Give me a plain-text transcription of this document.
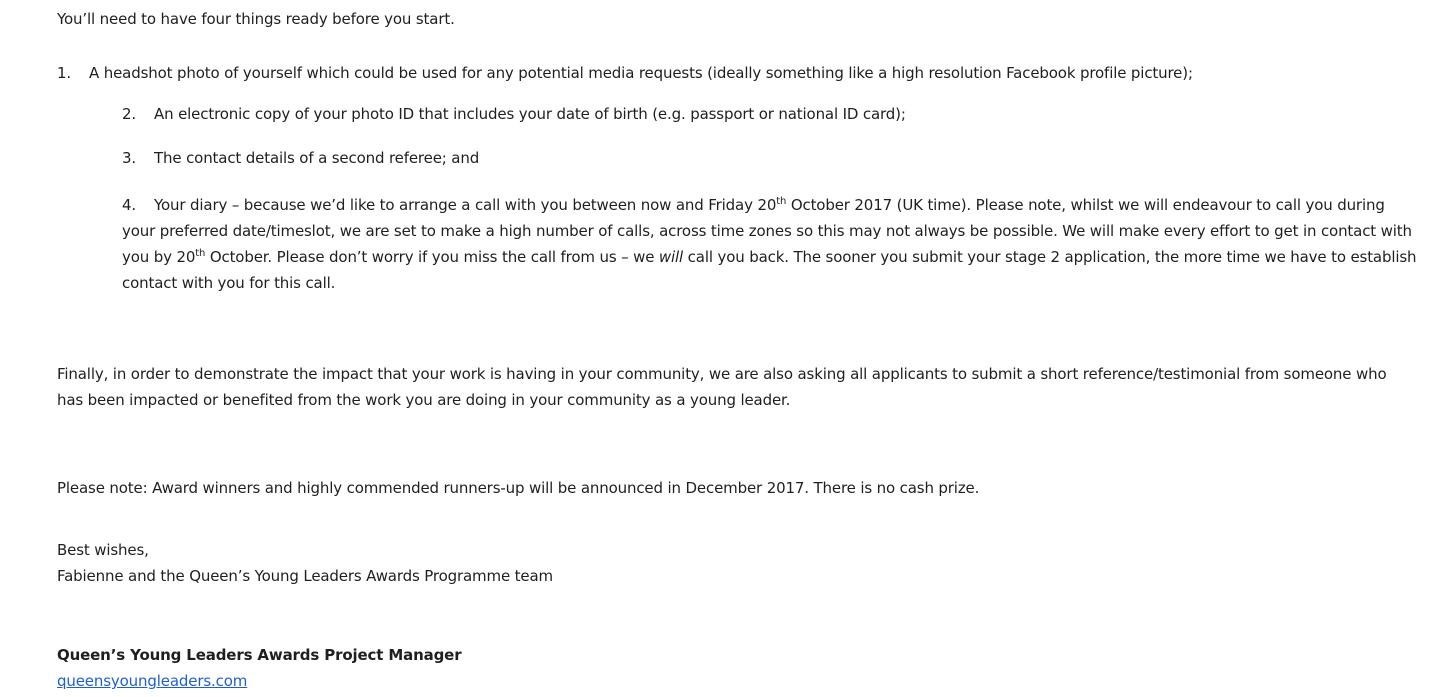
You’ll need to have four things ready before you start.
1. A headshot photo of yourself which could be used for any potential media requests (ideally something like a high resolution Facebook profile picture);
2. An electronic copy of your photo ID that includes your date of birth (e.g. passport or national ID card);
3. The contact details of a second referee; and
4. Your diary – because we’d like to arrange a call with you between now and Friday 20th October 2017 (UK time). Please note, whilst we will endeavour to call you during your preferred date/timeslot, we are set to make a high number of calls, across time zones so this may not always be possible. We will make every effort to get in contact with you by 20th October. Please don’t worry if you miss the call from us – we will call you back. The sooner you submit your stage 2 application, the more time we have to establish contact with you for this call.
Finally, in order to demonstrate the impact that your work is having in your community, we are also asking all applicants to submit a short reference/testimonial from someone who has been impacted or benefited from the work you are doing in your community as a young leader.
Please note: Award winners and highly commended runners-up will be announced in December 2017. There is no cash prize.
Best wishes,
Fabienne and the Queen’s Young Leaders Awards Programme team
Queen’s Young Leaders Awards Project Manager
queensyoungleaders.com
